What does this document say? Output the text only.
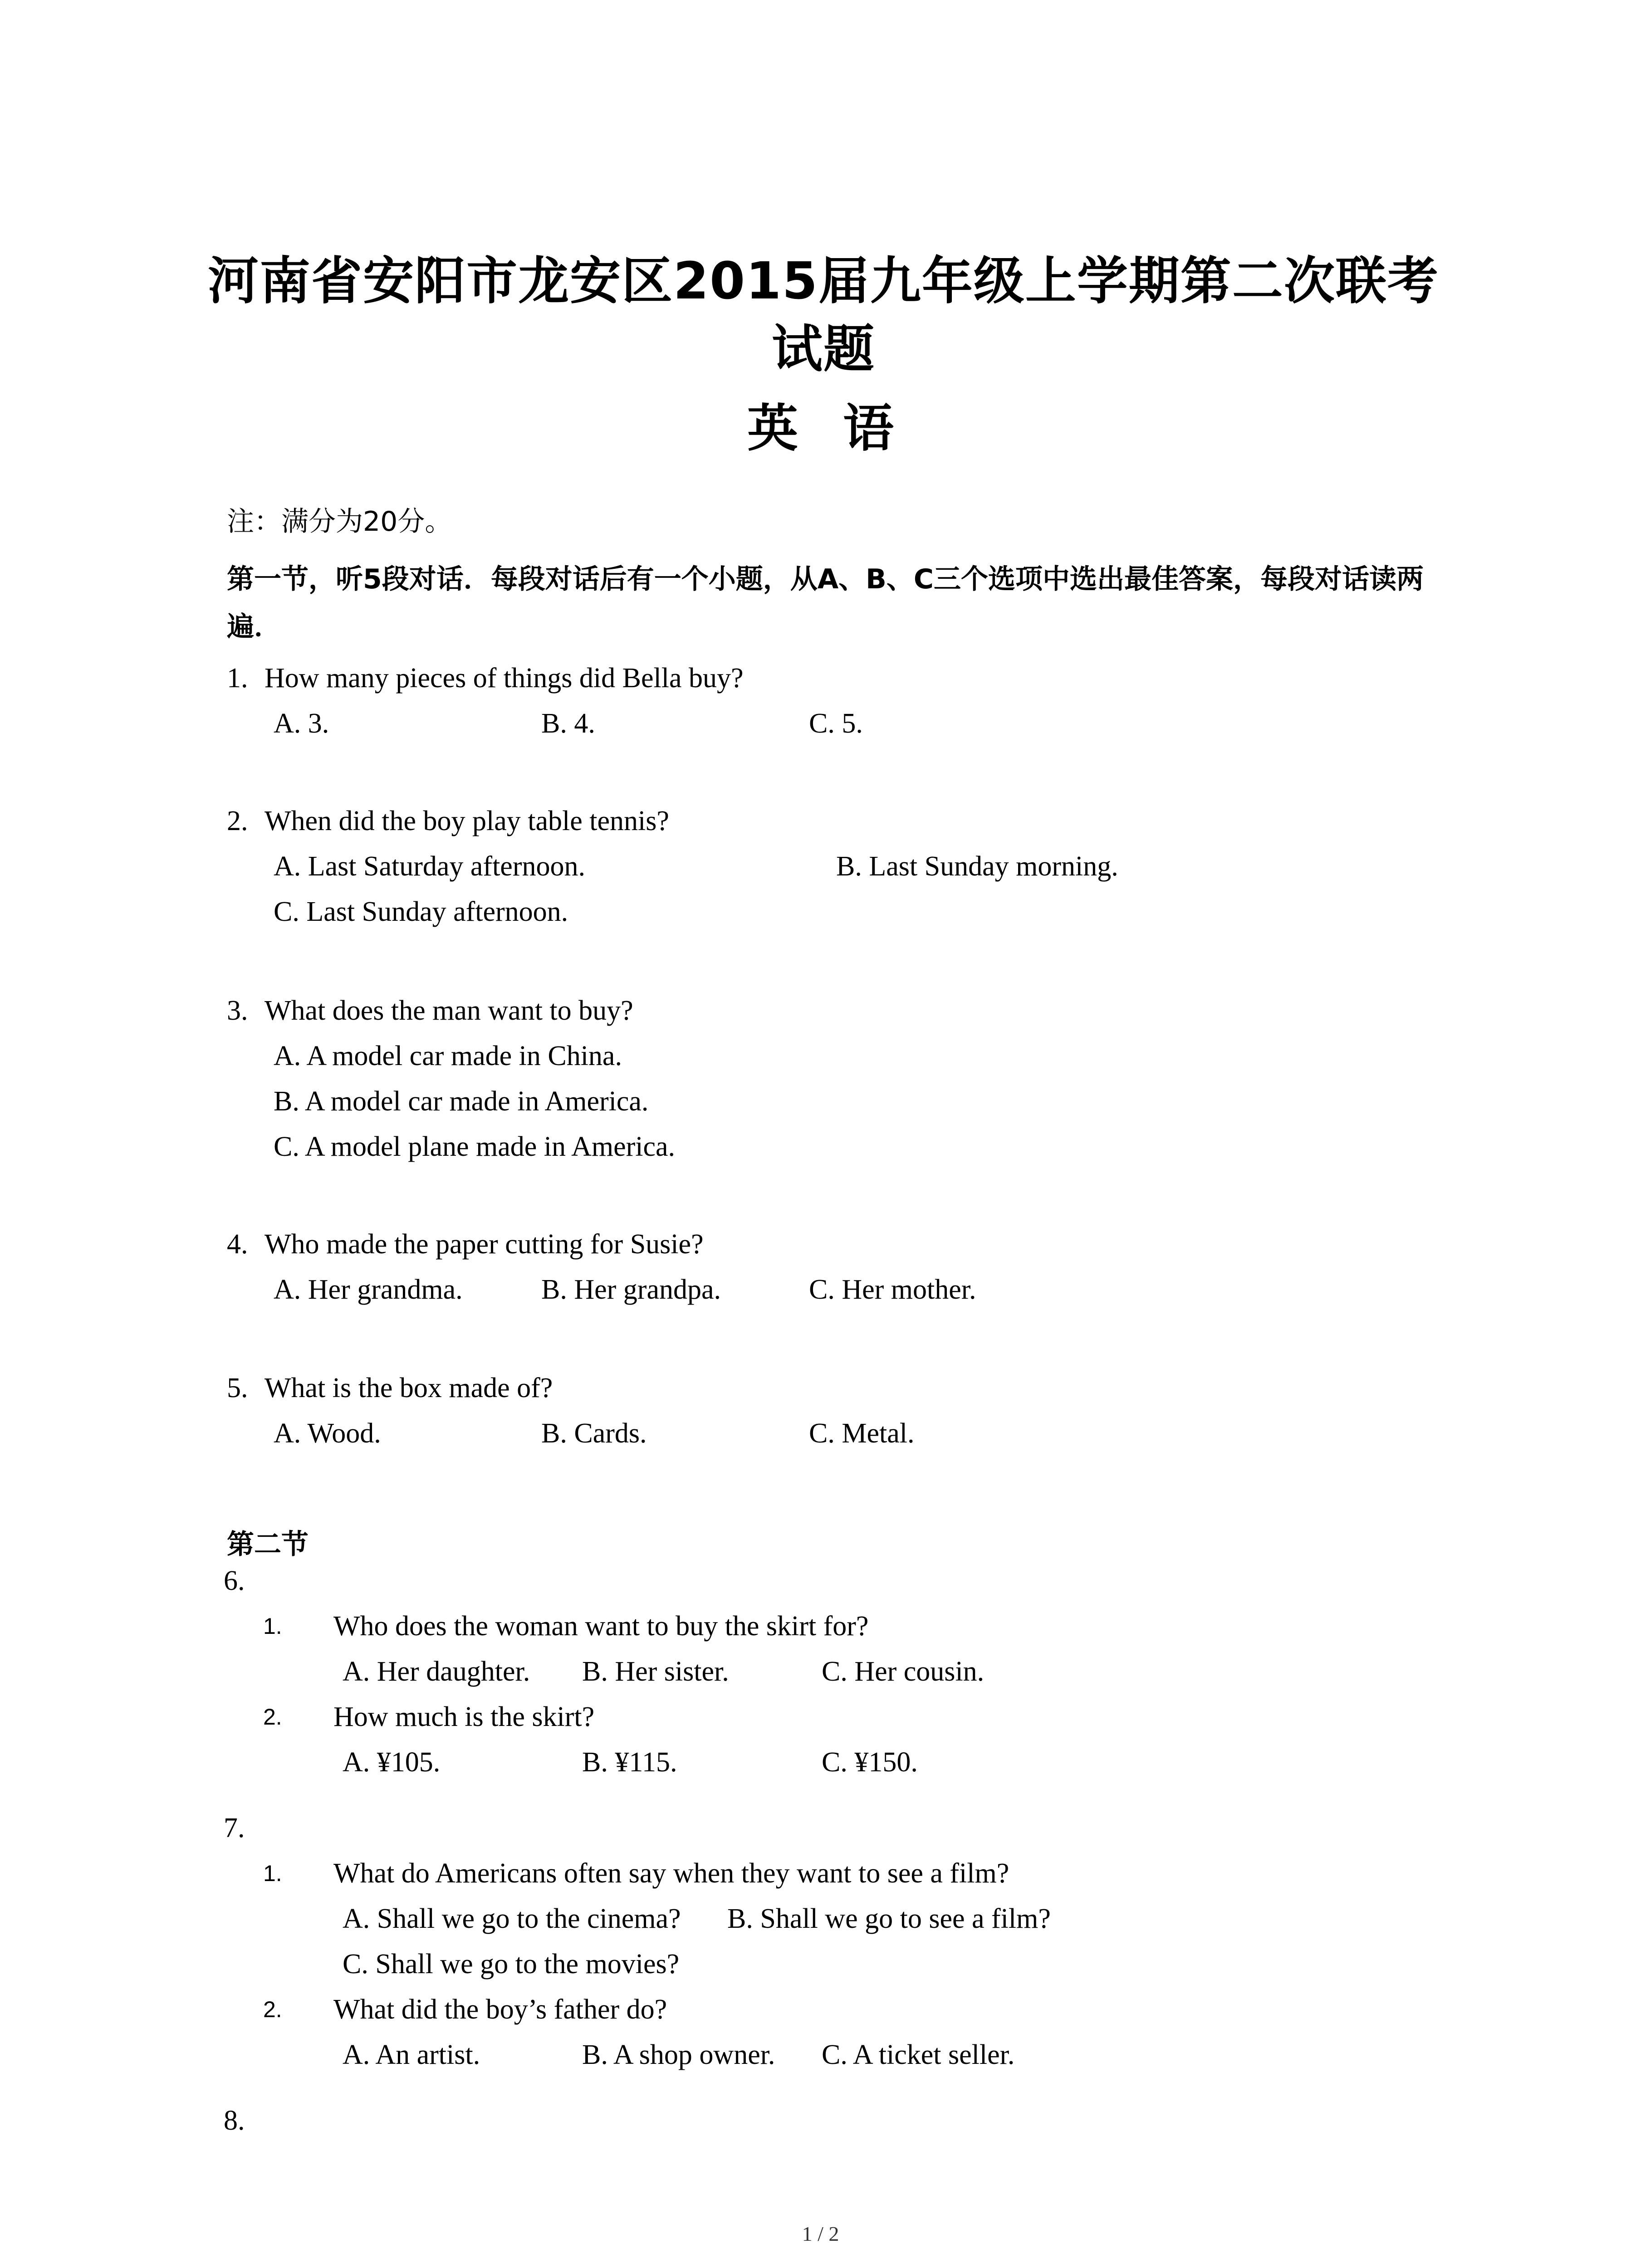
河南省安阳市龙安区2015届九年级上学期第二次联考试题
英 语
注：满分为20分。
第一节，听5段对话．每段对话后有一个小题，从A、B、C三个选项中选出最佳答案，每段对话读两遍．
1. How many pieces of things did Bella buy?
A. 3.	B. 4.	C. 5.
2. When did the boy play table tennis?
A. Last Saturday afternoon.	B. Last Sunday morning.
C. Last Sunday afternoon.
3. What does the man want to buy?
A. A model car made in China.
B. A model car made in America.
C. A model plane made in America.
4. Who made the paper cutting for Susie?
A. Her grandma.	B. Her grandpa.	C. Her mother.
5. What is the box made of?
A. Wood.	B. Cards.	C. Metal.
第二节
6.
1. Who does the woman want to buy the skirt for?
A. Her daughter. B. Her sister.	C. Her cousin.
2. How much is the skirt?
A. ¥105.	B. ¥115.	C. ¥150.
7.
1. What do Americans often say when they want to see a film?
A. Shall we go to the cinema? B. Shall we go to see a film?
C. Shall we go to the movies?
2. What did the boy’s father do?
A. An artist.	B. A shop owner. C. A ticket seller.
8.
1 / 2
